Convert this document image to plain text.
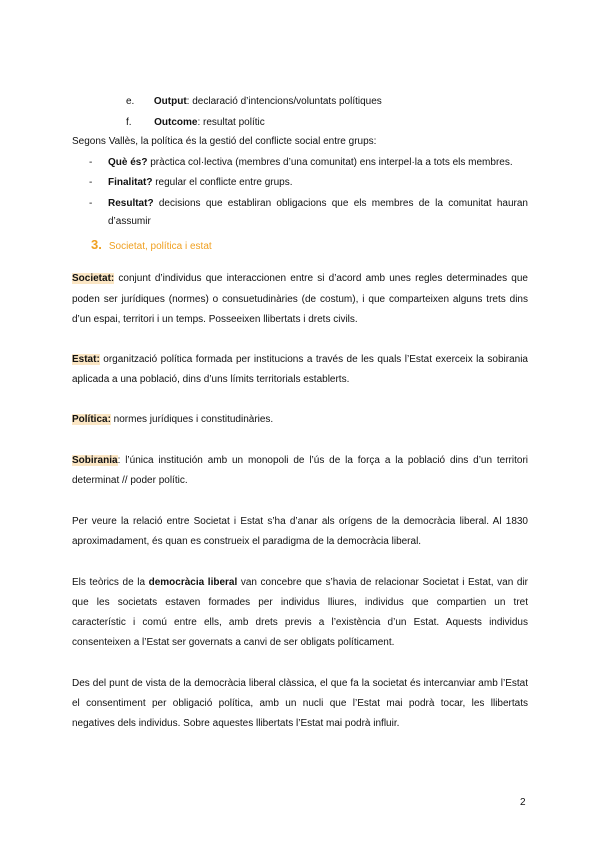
e. Output: declaració d’intencions/voluntats polítiques
f. Outcome: resultat polític
Segons Vallès, la política és la gestió del conflicte social entre grups:
- Què és? pràctica col·lectiva (membres d’una comunitat) ens interpel·la a tots els membres.
- Finalitat? regular el conflicte entre grups.
- Resultat? decisions que establiran obligacions que els membres de la comunitat hauran
d’assumir
3. Societat, política i estat
Societat: conjunt d’individus que interaccionen entre si d’acord amb unes regles determinades que
poden ser jurídiques (normes) o consuetudinàries (de costum), i que comparteixen alguns trets dins
d’un espai, territori i un temps. Posseeixen llibertats i drets civils.
Estat: organització política formada per institucions a través de les quals l’Estat exerceix la sobirania
aplicada a una població, dins d’uns límits territorials establerts.
Política: normes jurídiques i constitudinàries.
Sobirania: l’única institución amb un monopoli de l’ús de la força a la població dins d’un territori
determinat // poder polític.
Per veure la relació entre Societat i Estat s’ha d’anar als orígens de la democràcia liberal. Al 1830
aproximadament, és quan es construeix el paradigma de la democràcia liberal.
Els teòrics de la democràcia liberal van concebre que s’havia de relacionar Societat i Estat, van dir
que les societats estaven formades per individus lliures, individus que compartien un tret
característic i comú entre ells, amb drets previs a l’existència d’un Estat. Aquests individus
consenteixen a l’Estat ser governats a canvi de ser obligats políticament.
Des del punt de vista de la democràcia liberal clàssica, el que fa la societat és intercanviar amb l’Estat
el consentiment per obligació política, amb un nucli que l’Estat mai podrà tocar, les llibertats
negatives dels individus. Sobre aquestes llibertats l’Estat mai podrà influir.
2
